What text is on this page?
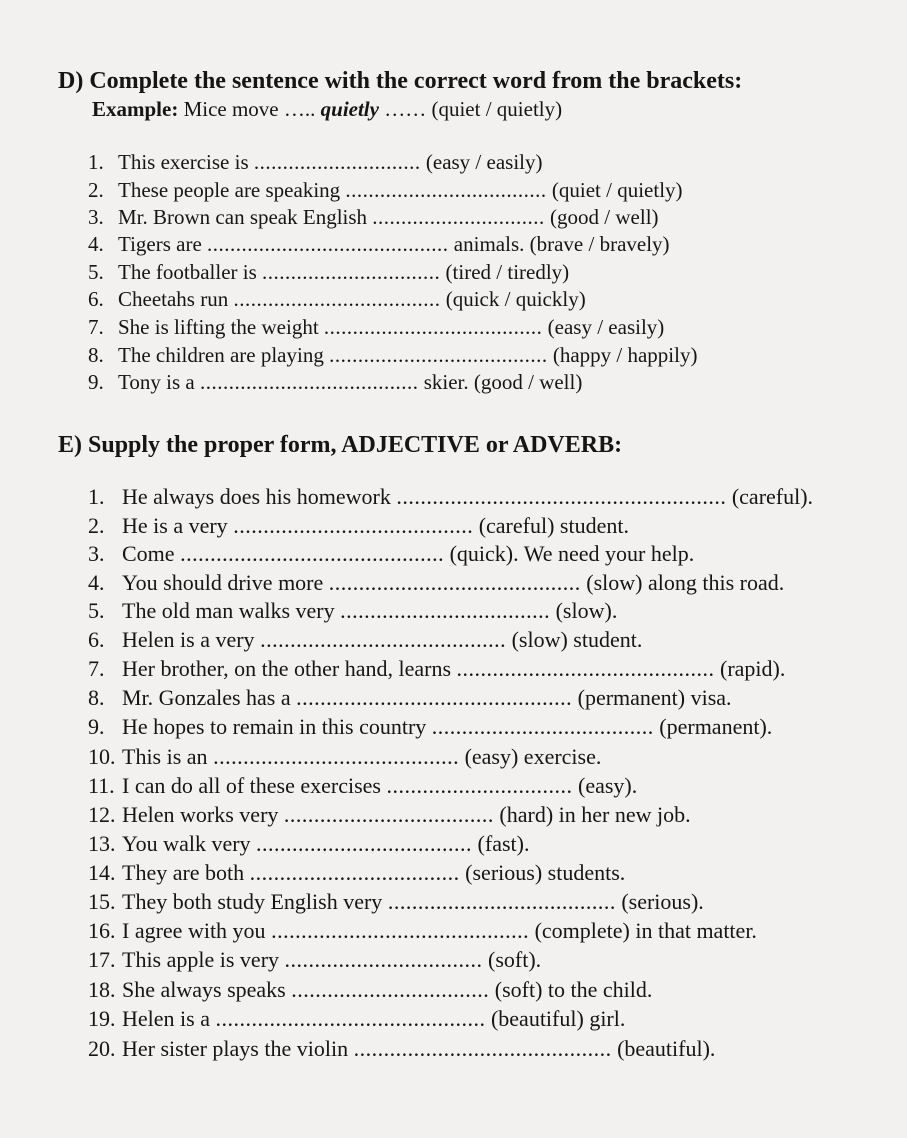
D) Complete the sentence with the correct word from the brackets:
Example: Mice move ….. quietly …… (quiet / quietly)
1. This exercise is ............................. (easy / easily)
2. These people are speaking ................................... (quiet / quietly)
3. Mr. Brown can speak English .............................. (good / well)
4. Tigers are .......................................... animals. (brave / bravely)
5. The footballer is ............................... (tired / tiredly)
6. Cheetahs run .................................... (quick / quickly)
7. She is lifting the weight ...................................... (easy / easily)
8. The children are playing ...................................... (happy / happily)
9. Tony is a ...................................... skier. (good / well)
E) Supply the proper form, ADJECTIVE or ADVERB:
1. He always does his homework ....................................................... (careful).
2. He is a very ........................................ (careful) student.
3. Come ............................................ (quick). We need your help.
4. You should drive more .......................................... (slow) along this road.
5. The old man walks very ................................... (slow).
6. Helen is a very ......................................... (slow) student.
7. Her brother, on the other hand, learns ........................................... (rapid).
8. Mr. Gonzales has a .............................................. (permanent) visa.
9. He hopes to remain in this country ..................................... (permanent).
10. This is an ......................................... (easy) exercise.
11. I can do all of these exercises ............................... (easy).
12. Helen works very ................................... (hard) in her new job.
13. You walk very .................................... (fast).
14. They are both ................................... (serious) students.
15. They both study English very ...................................... (serious).
16. I agree with you ........................................... (complete) in that matter.
17. This apple is very ................................. (soft).
18. She always speaks ................................. (soft) to the child.
19. Helen is a ............................................. (beautiful) girl.
20. Her sister plays the violin ........................................... (beautiful).
